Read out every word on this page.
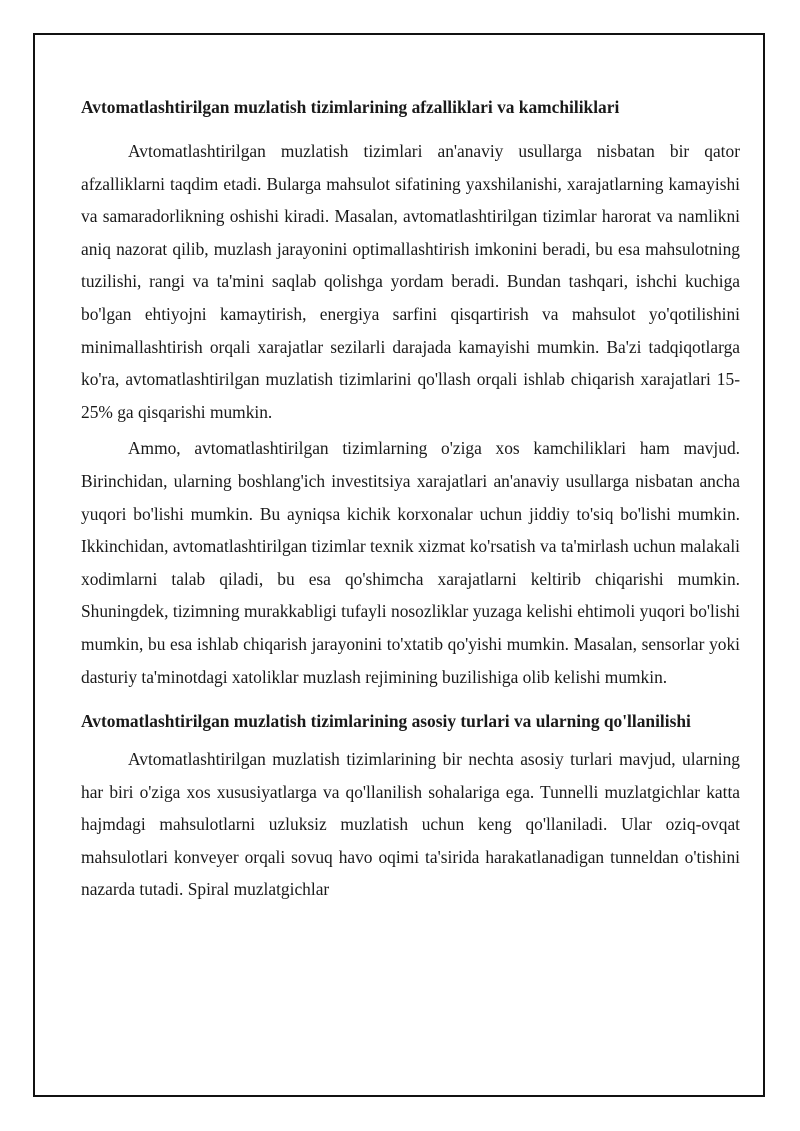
Avtomatlashtirilgan muzlatish tizimlarining afzalliklari va kamchiliklari

Avtomatlashtirilgan muzlatish tizimlari an'anaviy usullarga nisbatan bir qator afzalliklarni taqdim etadi. Bularga mahsulot sifatining yaxshilanishi, xarajatlarning kamayishi va samaradorlikning oshishi kiradi. Masalan, avtomatlashtirilgan tizimlar harorat va namlikni aniq nazorat qilib, muzlash jarayonini optimallashtirish imkonini beradi, bu esa mahsulotning tuzilishi, rangi va ta'mini saqlab qolishga yordam beradi. Bundan tashqari, ishchi kuchiga bo'lgan ehtiyojni kamaytirish, energiya sarfini qisqartirish va mahsulot yo'qotilishini minimallashtirish orqali xarajatlar sezilarli darajada kamayishi mumkin. Ba'zi tadqiqotlarga ko'ra, avtomatlashtirilgan muzlatish tizimlarini qo'llash orqali ishlab chiqarish xarajatlari 15-25% ga qisqarishi mumkin.

Ammo, avtomatlashtirilgan tizimlarning o'ziga xos kamchiliklari ham mavjud. Birinchidan, ularning boshlang'ich investitsiya xarajatlari an'anaviy usullarga nisbatan ancha yuqori bo'lishi mumkin. Bu ayniqsa kichik korxonalar uchun jiddiy to'siq bo'lishi mumkin. Ikkinchidan, avtomatlashtirilgan tizimlar texnik xizmat ko'rsatish va ta'mirlash uchun malakali xodimlarni talab qiladi, bu esa qo'shimcha xarajatlarni keltirib chiqarishi mumkin. Shuningdek, tizimning murakkabligi tufayli nosozliklar yuzaga kelishi ehtimoli yuqori bo'lishi mumkin, bu esa ishlab chiqarish jarayonini to'xtatib qo'yishi mumkin. Masalan, sensorlar yoki dasturiy ta'minotdagi xatoliklar muzlash rejimining buzilishiga olib kelishi mumkin.

Avtomatlashtirilgan muzlatish tizimlarining asosiy turlari va ularning qo'llanilishi

Avtomatlashtirilgan muzlatish tizimlarining bir nechta asosiy turlari mavjud, ularning har biri o'ziga xos xususiyatlarga va qo'llanilish sohalariga ega. Tunnelli muzlatgichlar katta hajmdagi mahsulotlarni uzluksiz muzlatish uchun keng qo'llaniladi. Ular oziq-ovqat mahsulotlari konveyer orqali sovuq havo oqimi ta'sirida harakatlanadigan tunneldan o'tishini nazarda tutadi. Spiral muzlatgichlar
